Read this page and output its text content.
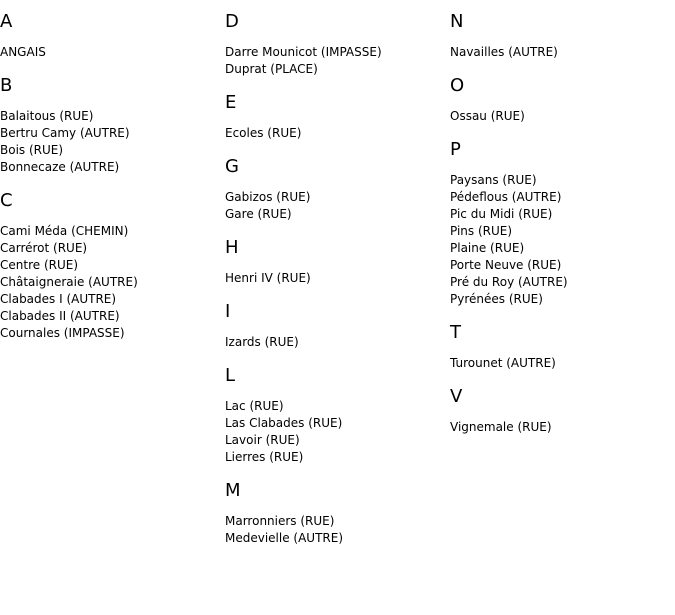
A
ANGAIS
B
Balaitous (RUE)
Bertru Camy (AUTRE)
Bois (RUE)
Bonnecaze (AUTRE)
C
Cami Méda (CHEMIN)
Carrérot (RUE)
Centre (RUE)
Châtaigneraie (AUTRE)
Clabades I (AUTRE)
Clabades II (AUTRE)
Cournales (IMPASSE)
D
Darre Mounicot (IMPASSE)
Duprat (PLACE)
E
Ecoles (RUE)
G
Gabizos (RUE)
Gare (RUE)
H
Henri IV (RUE)
I
Izards (RUE)
L
Lac (RUE)
Las Clabades (RUE)
Lavoir (RUE)
Lierres (RUE)
M
Marronniers (RUE)
Medevielle (AUTRE)
N
Navailles (AUTRE)
O
Ossau (RUE)
P
Paysans (RUE)
Pédeflous (AUTRE)
Pic du Midi (RUE)
Pins (RUE)
Plaine (RUE)
Porte Neuve (RUE)
Pré du Roy (AUTRE)
Pyrénées (RUE)
T
Turounet (AUTRE)
V
Vignemale (RUE)
